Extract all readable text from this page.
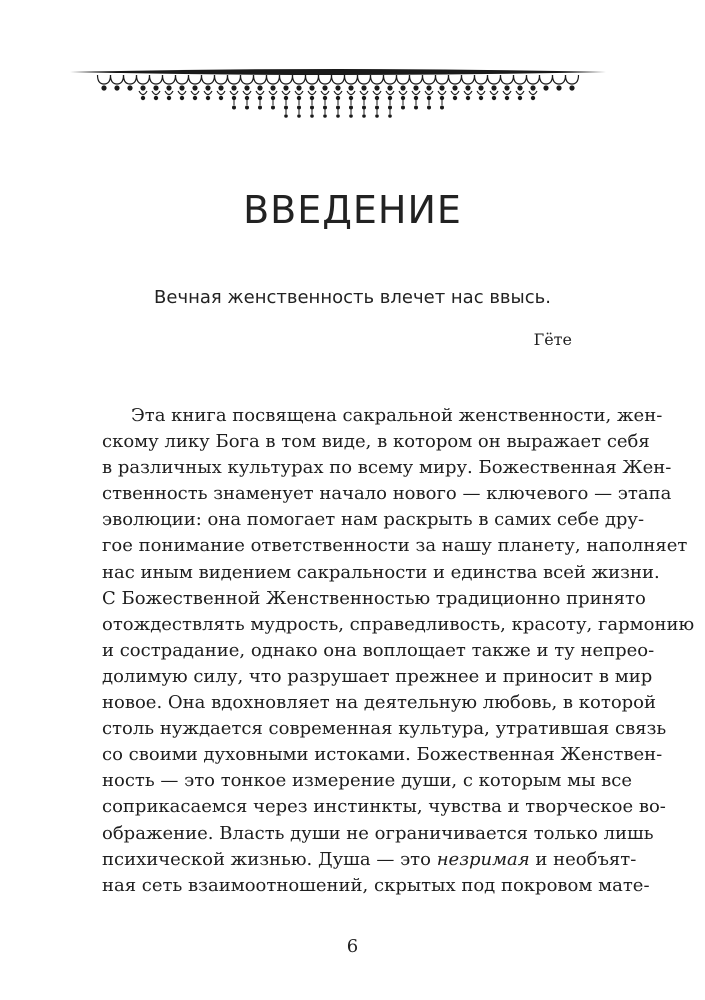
ВВЕДЕНИЕ
Вечная женственность влечет нас ввысь.
Гёте
Эта книга посвящена сакральной женственности, жен-
скому лику Бога в том виде, в котором он выражает себя
в различных культурах по всему миру. Божественная Жен-
ственность знаменует начало нового — ключевого — этапа
эволюции: она помогает нам раскрыть в самих себе дру-
гое понимание ответственности за нашу планету, наполняет
нас иным видением сакральности и единства всей жизни.
С Божественной Женственностью традиционно принято
отождествлять мудрость, справедливость, красоту, гармонию
и сострадание, однако она воплощает также и ту непрео-
долимую силу, что разрушает прежнее и приносит в мир
новое. Она вдохновляет на деятельную любовь, в которой
столь нуждается современная культура, утратившая связь
со своими духовными истоками. Божественная Женствен-
ность — это тонкое измерение души, с которым мы все
соприкасаемся через инстинкты, чувства и творческое во-
ображение. Власть души не ограничивается только лишь
психической жизнью. Душа — это незримая и необъят-
ная сеть взаимоотношений, скрытых под покровом мате-
6
